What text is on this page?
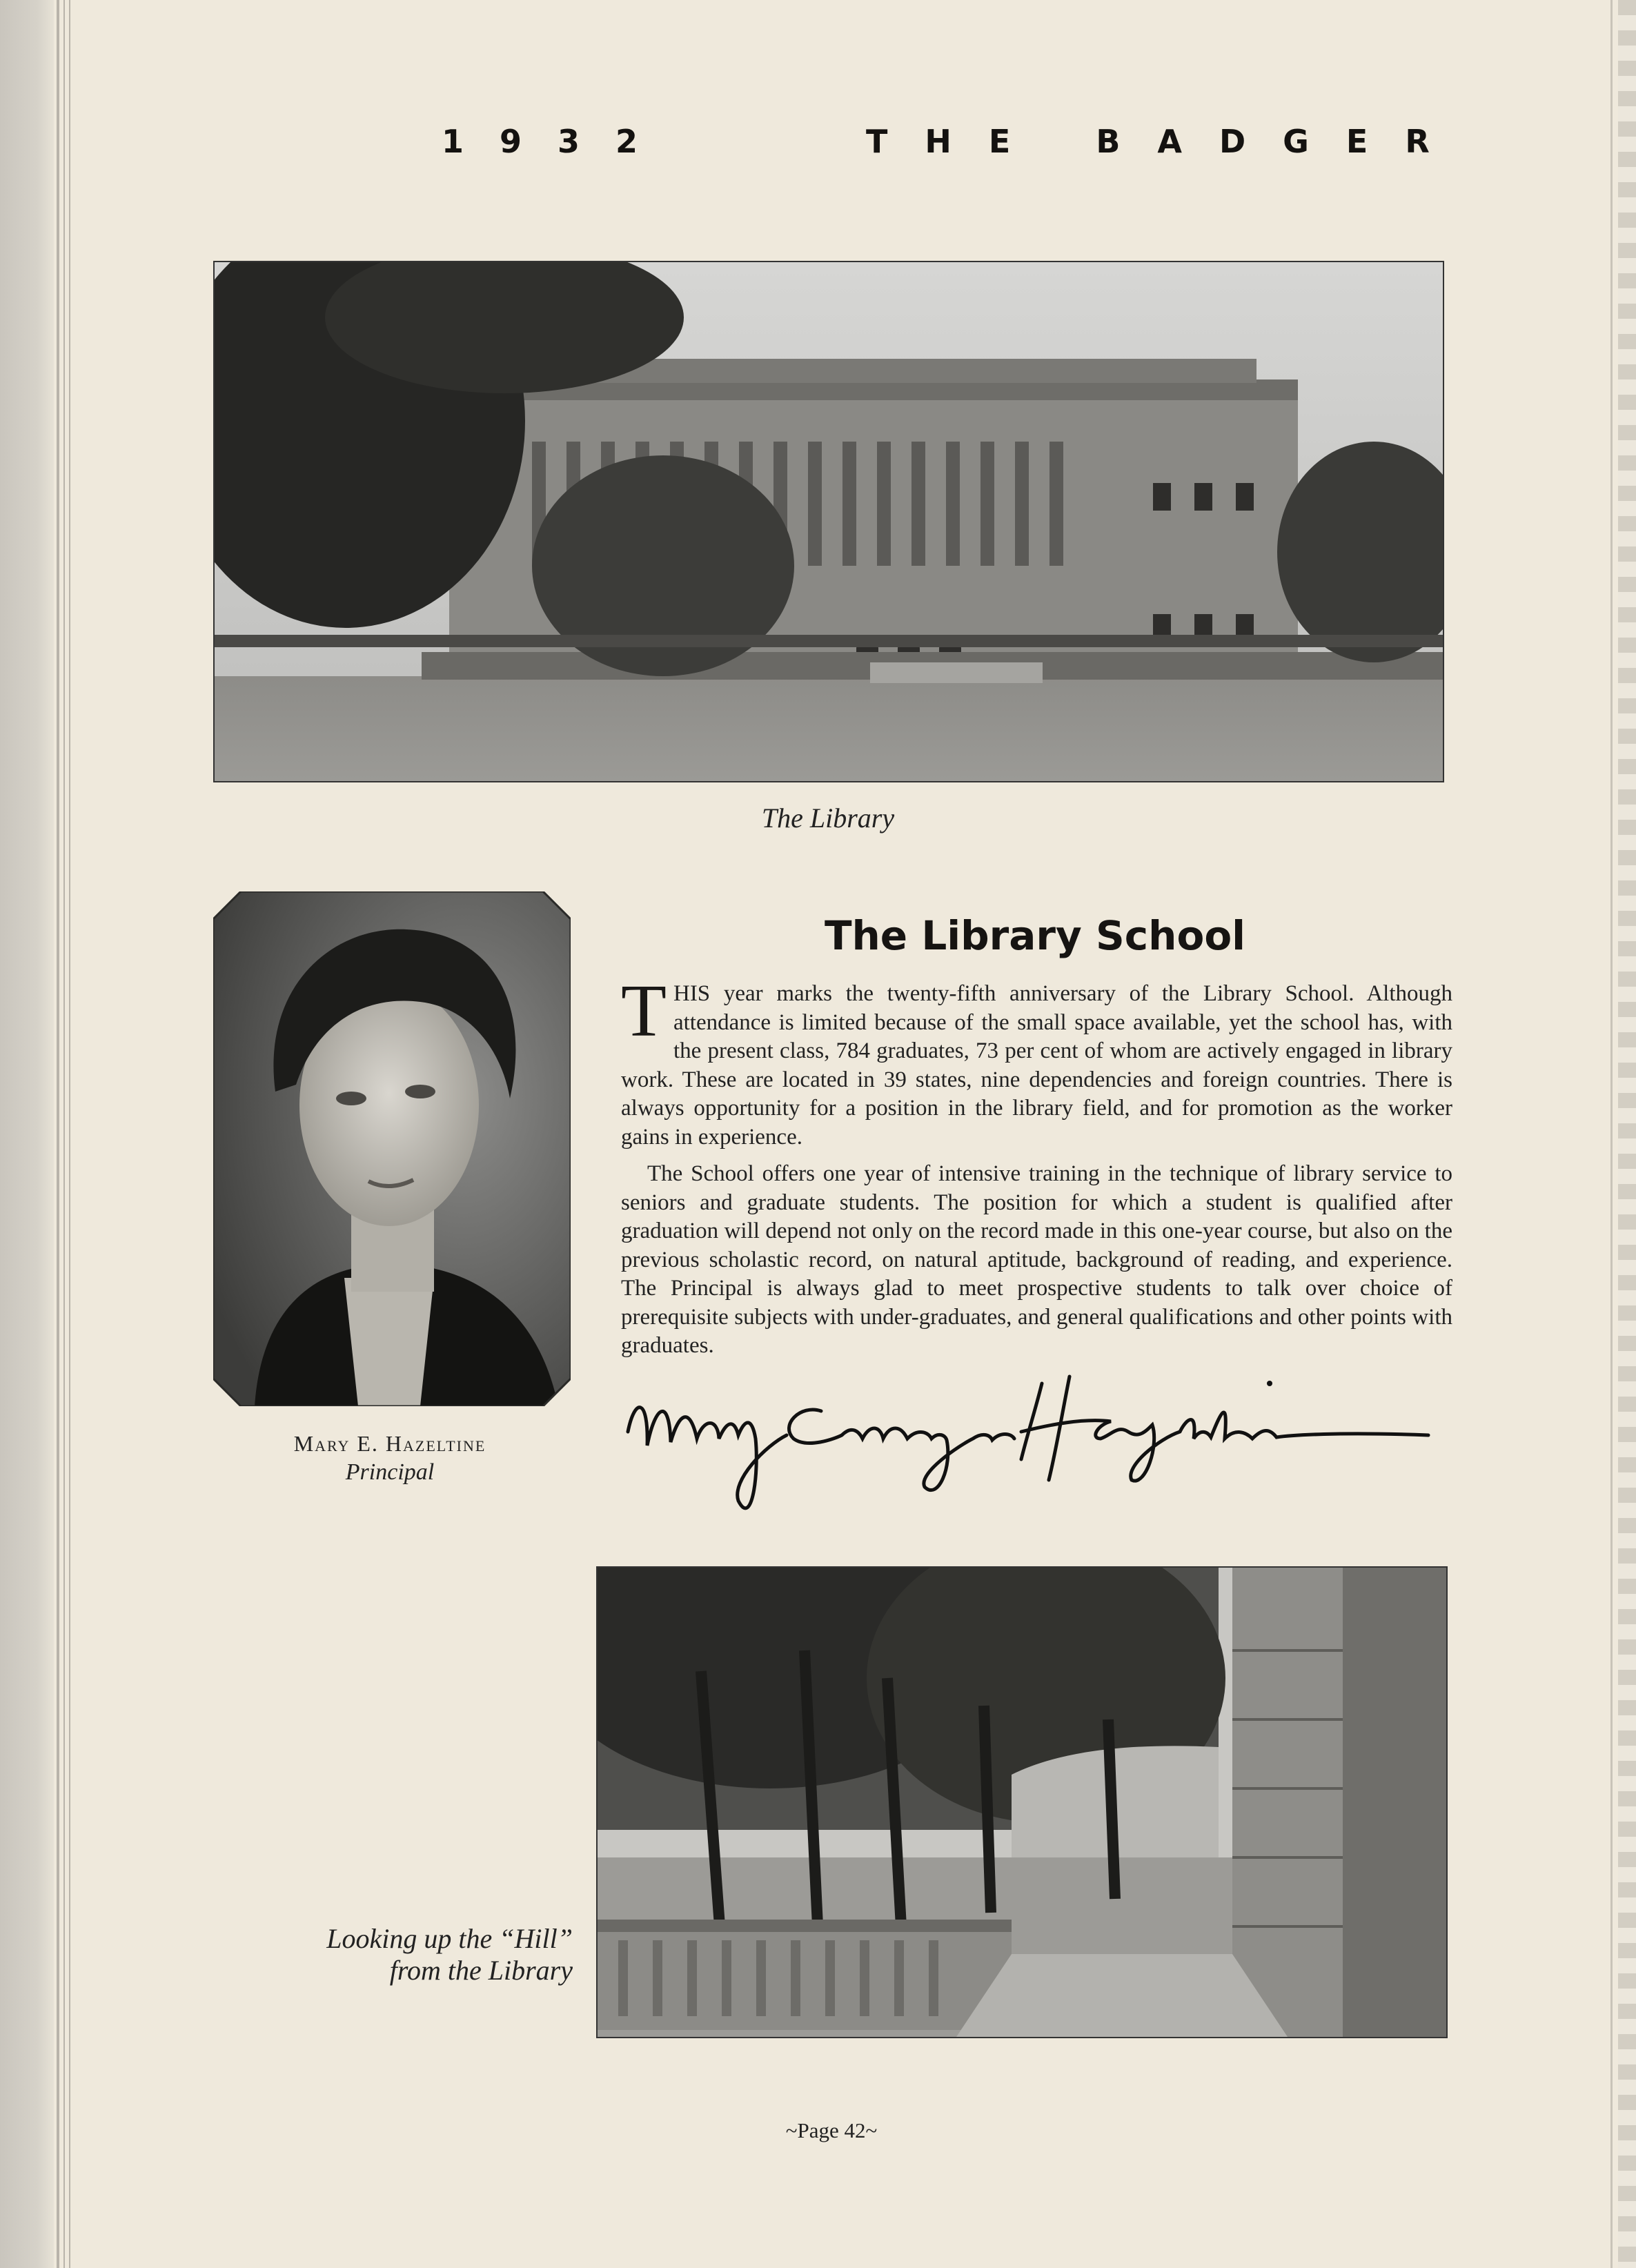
1932	THE BADGER
The Library
Mary E. Hazeltine
Principal
The Library School

THIS year marks the twenty-fifth anniversary of the Library School. Although attendance is limited because of the small space available, yet the school has, with the present class, 784 graduates, 73 per cent of whom are actively engaged in library work. These are located in 39 states, nine dependencies and foreign countries. There is always opportunity for a position in the library field, and for promotion as the worker gains in experience.

The School offers one year of intensive training in the technique of library service to seniors and graduate students. The position for which a student is qualified after graduation will depend not only on the record made in this one-year course, but also on the previous scholastic record, on natural aptitude, background of reading, and experience. The Principal is always glad to meet prospective students to talk over choice of prerequisite subjects with under-graduates, and general qualifications and other points with graduates.

Looking up the “Hill”
from the Library
~Page 42~
